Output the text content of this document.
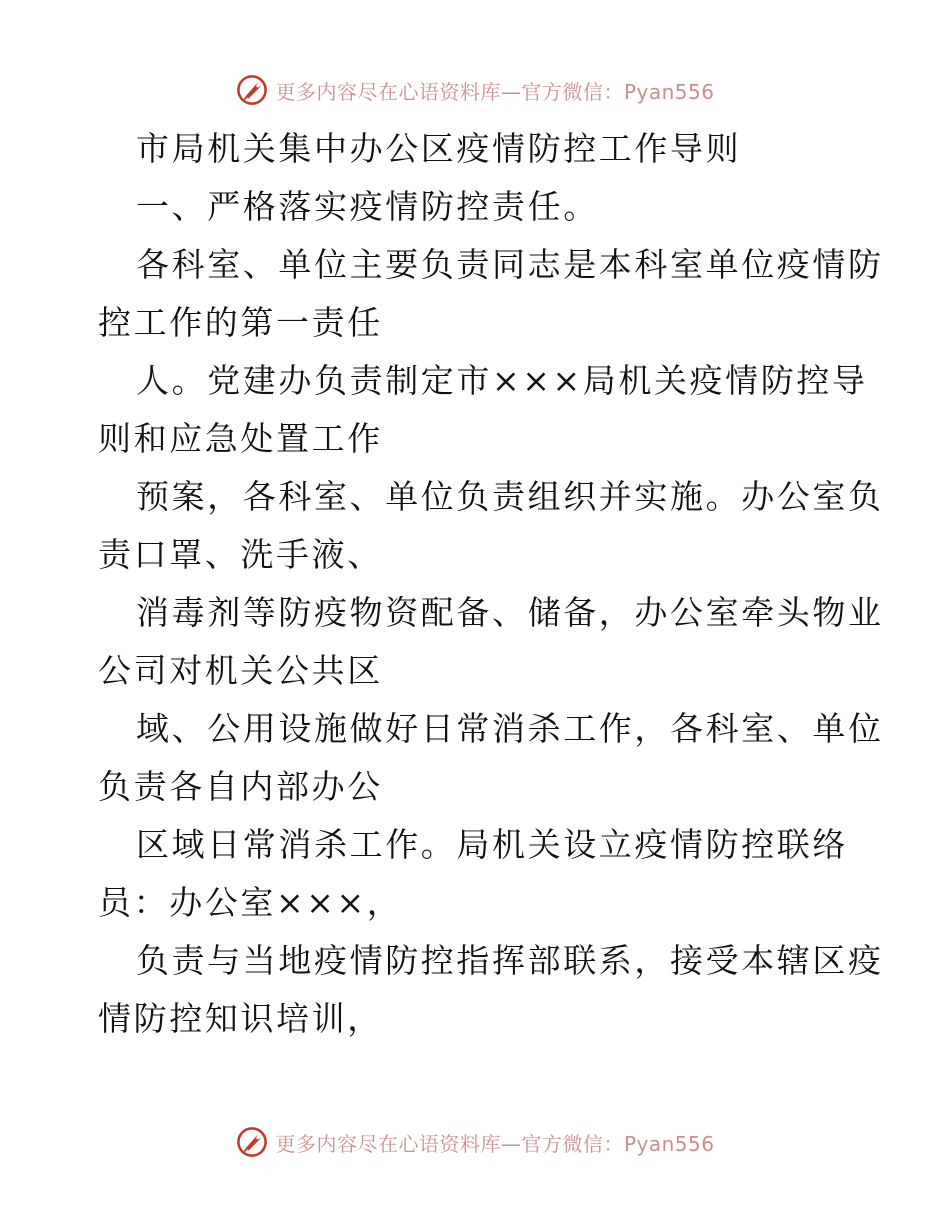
更多内容尽在心语资料库—官方微信：Pyan556
市局机关集中办公区疫情防控工作导则
一、严格落实疫情防控责任。
各科室、单位主要负责同志是本科室单位疫情防
控工作的第一责任
人。党建办负责制定市×××局机关疫情防控导
则和应急处置工作
预案，各科室、单位负责组织并实施。办公室负
责口罩、洗手液、
消毒剂等防疫物资配备、储备，办公室牵头物业
公司对机关公共区
域、公用设施做好日常消杀工作，各科室、单位
负责各自内部办公
区域日常消杀工作。局机关设立疫情防控联络
员：办公室×××，
负责与当地疫情防控指挥部联系，接受本辖区疫
情防控知识培训，
更多内容尽在心语资料库—官方微信：Pyan556
